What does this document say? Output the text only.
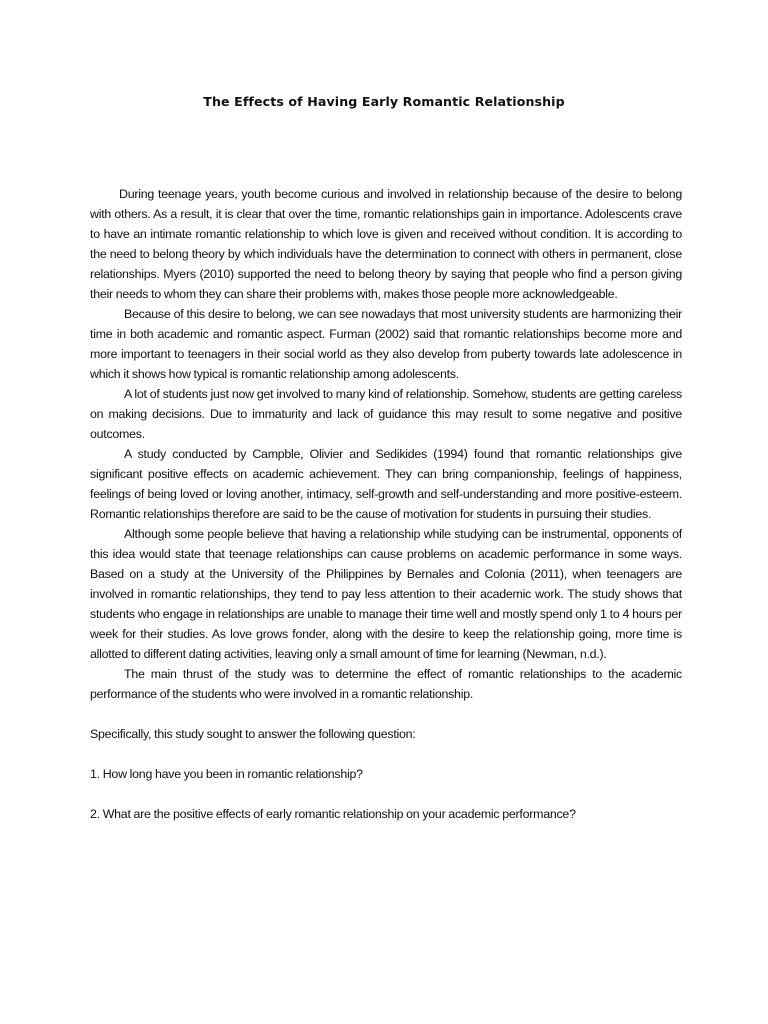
The Effects of Having Early Romantic Relationship

During teenage years, youth become curious and involved in relationship because of the desire to belong with others. As a result, it is clear that over the time, romantic relationships gain in importance. Adolescents crave to have an intimate romantic relationship to which love is given and received without condition. It is according to the need to belong theory by which individuals have the determination to connect with others in permanent, close relationships. Myers (2010) supported the need to belong theory by saying that people who find a person giving their needs to whom they can share their problems with, makes those people more acknowledgeable.

Because of this desire to belong, we can see nowadays that most university students are harmonizing their time in both academic and romantic aspect. Furman (2002) said that romantic relationships become more and more important to teenagers in their social world as they also develop from puberty towards late adolescence in which it shows how typical is romantic relationship among adolescents.

A lot of students just now get involved to many kind of relationship. Somehow, students are getting careless on making decisions. Due to immaturity and lack of guidance this may result to some negative and positive outcomes.

A study conducted by Campble, Olivier and Sedikides (1994) found that romantic relationships give significant positive effects on academic achievement. They can bring companionship, feelings of happiness, feelings of being loved or loving another, intimacy, self-growth and self-understanding and more positive-esteem. Romantic relationships therefore are said to be the cause of motivation for students in pursuing their studies.

Although some people believe that having a relationship while studying can be instrumental, opponents of this idea would state that teenage relationships can cause problems on academic performance in some ways. Based on a study at the University of the Philippines by Bernales and Colonia (2011), when teenagers are involved in romantic relationships, they tend to pay less attention to their academic work. The study shows that students who engage in relationships are unable to manage their time well and mostly spend only 1 to 4 hours per week for their studies. As love grows fonder, along with the desire to keep the relationship going, more time is allotted to different dating activities, leaving only a small amount of time for learning (Newman, n.d.).

The main thrust of the study was to determine the effect of romantic relationships to the academic performance of the students who were involved in a romantic relationship.

Specifically, this study sought to answer the following question:

1. How long have you been in romantic relationship?

2. What are the positive effects of early romantic relationship on your academic performance?
